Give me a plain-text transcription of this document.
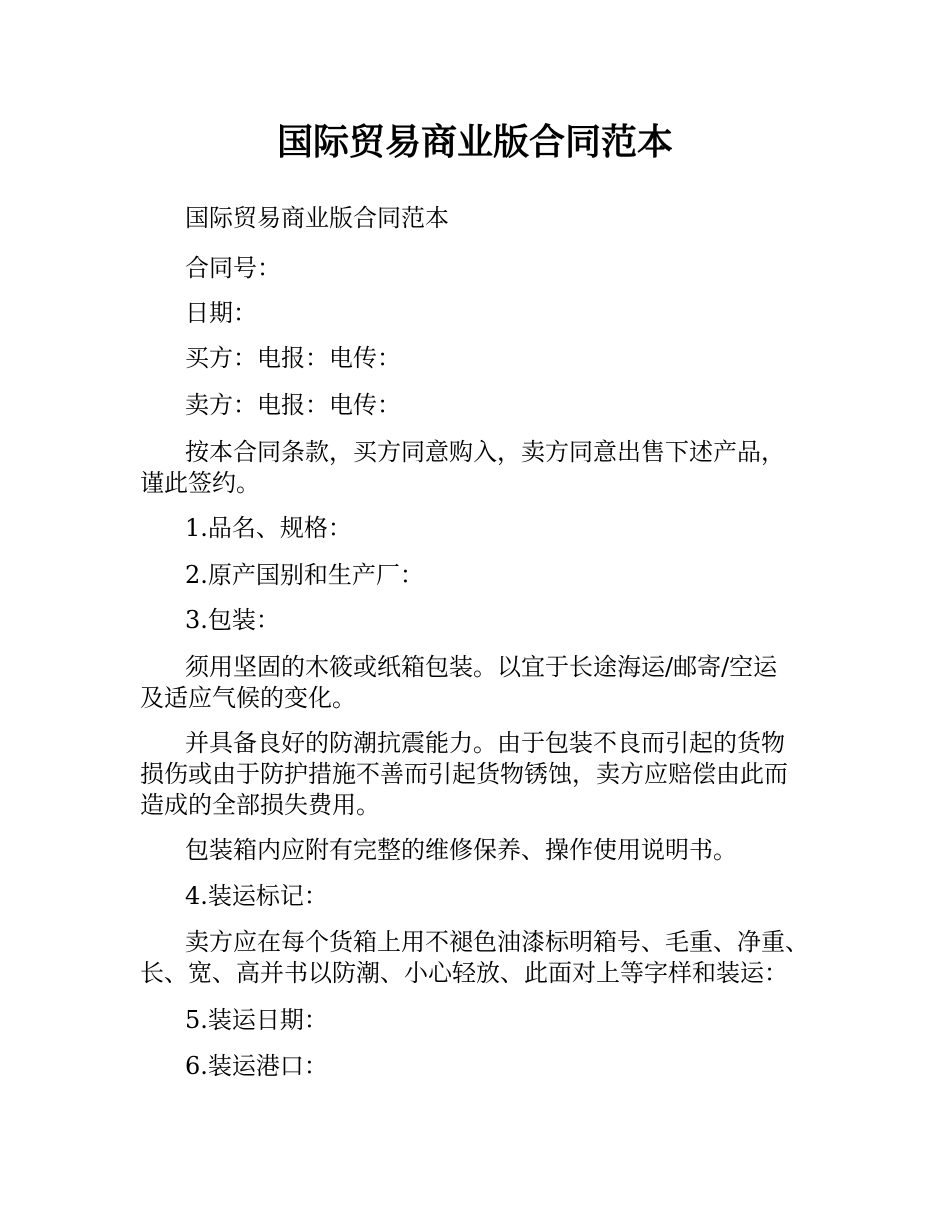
国际贸易商业版合同范本
国际贸易商业版合同范本
合同号：
日期：
买方：电报：电传：
卖方：电报：电传：
按本合同条款，买方同意购入，卖方同意出售下述产品，
谨此签约。
1.品名、规格：
2.原产国别和生产厂：
3.包装：
须用坚固的木筱或纸箱包装。以宜于长途海运/邮寄/空运
及适应气候的变化。
并具备良好的防潮抗震能力。由于包装不良而引起的货物
损伤或由于防护措施不善而引起货物锈蚀，卖方应赔偿由此而
造成的全部损失费用。
包装箱内应附有完整的维修保养、操作使用说明书。
4.装运标记：
卖方应在每个货箱上用不褪色油漆标明箱号、毛重、净重、
长、宽、高并书以防潮、小心轻放、此面对上等字样和装运：
5.装运日期：
6.装运港口：
